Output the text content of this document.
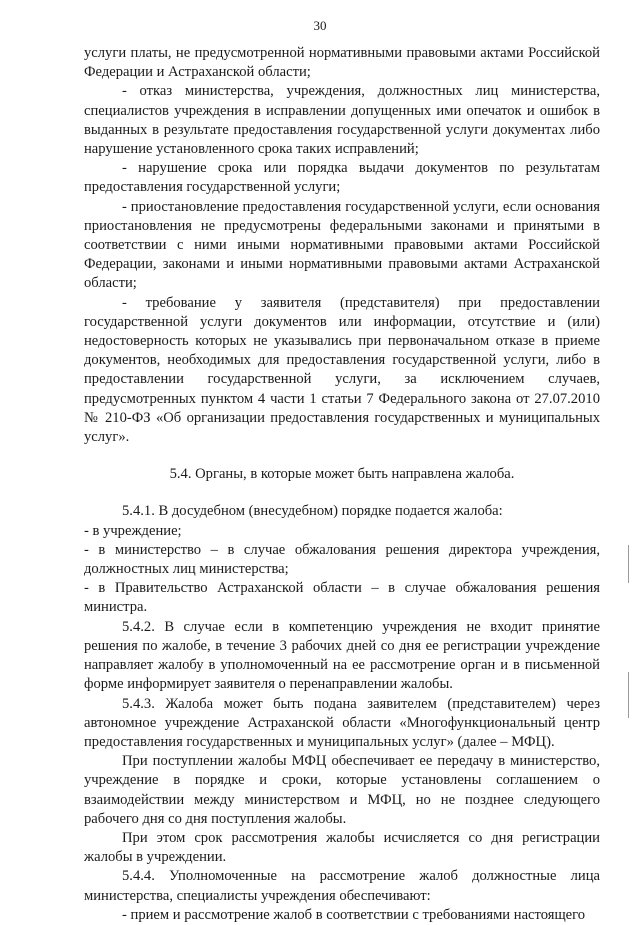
30

услуги платы, не предусмотренной нормативными правовыми актами Российской Федерации и Астраханской области;

- отказ министерства, учреждения, должностных лиц министерства, специалистов учреждения в исправлении допущенных ими опечаток и ошибок в выданных в результате предоставления государственной услуги документах либо нарушение установленного срока таких исправлений;

- нарушение срока или порядка выдачи документов по результатам предоставления государственной услуги;

- приостановление предоставления государственной услуги, если основания приостановления не предусмотрены федеральными законами и принятыми в соответствии с ними иными нормативными правовыми актами Российской Федерации, законами и иными нормативными правовыми актами Астраханской области;

- требование у заявителя (представителя) при предоставлении государственной услуги документов или информации, отсутствие и (или) недостоверность которых не указывались при первоначальном отказе в приеме документов, необходимых для предоставления государственной услуги, либо в предоставлении государственной услуги, за исключением случаев, предусмотренных пунктом 4 части 1 статьи 7 Федерального закона от 27.07.2010 № 210-ФЗ «Об организации предоставления государственных и муниципальных услуг».

5.4. Органы, в которые может быть направлена жалоба.

5.4.1. В досудебном (внесудебном) порядке подается жалоба:

- в учреждение;

- в министерство – в случае обжалования решения директора учреждения, должностных лиц министерства;

- в Правительство Астраханской области – в случае обжалования решения министра.

5.4.2. В случае если в компетенцию учреждения не входит принятие решения по жалобе, в течение 3 рабочих дней со дня ее регистрации учреждение направляет жалобу в уполномоченный на ее рассмотрение орган и в письменной форме информирует заявителя о перенаправлении жалобы.

5.4.3. Жалоба может быть подана заявителем (представителем) через автономное учреждение Астраханской области «Многофункциональный центр предоставления государственных и муниципальных услуг» (далее – МФЦ).

При поступлении жалобы МФЦ обеспечивает ее передачу в министерство, учреждение в порядке и сроки, которые установлены соглашением о взаимодействии между министерством и МФЦ, но не позднее следующего рабочего дня со дня поступления жалобы.

При этом срок рассмотрения жалобы исчисляется со дня регистрации жалобы в учреждении.

5.4.4. Уполномоченные на рассмотрение жалоб должностные лица министерства, специалисты учреждения обеспечивают:

- прием и рассмотрение жалоб в соответствии с требованиями настоящего
